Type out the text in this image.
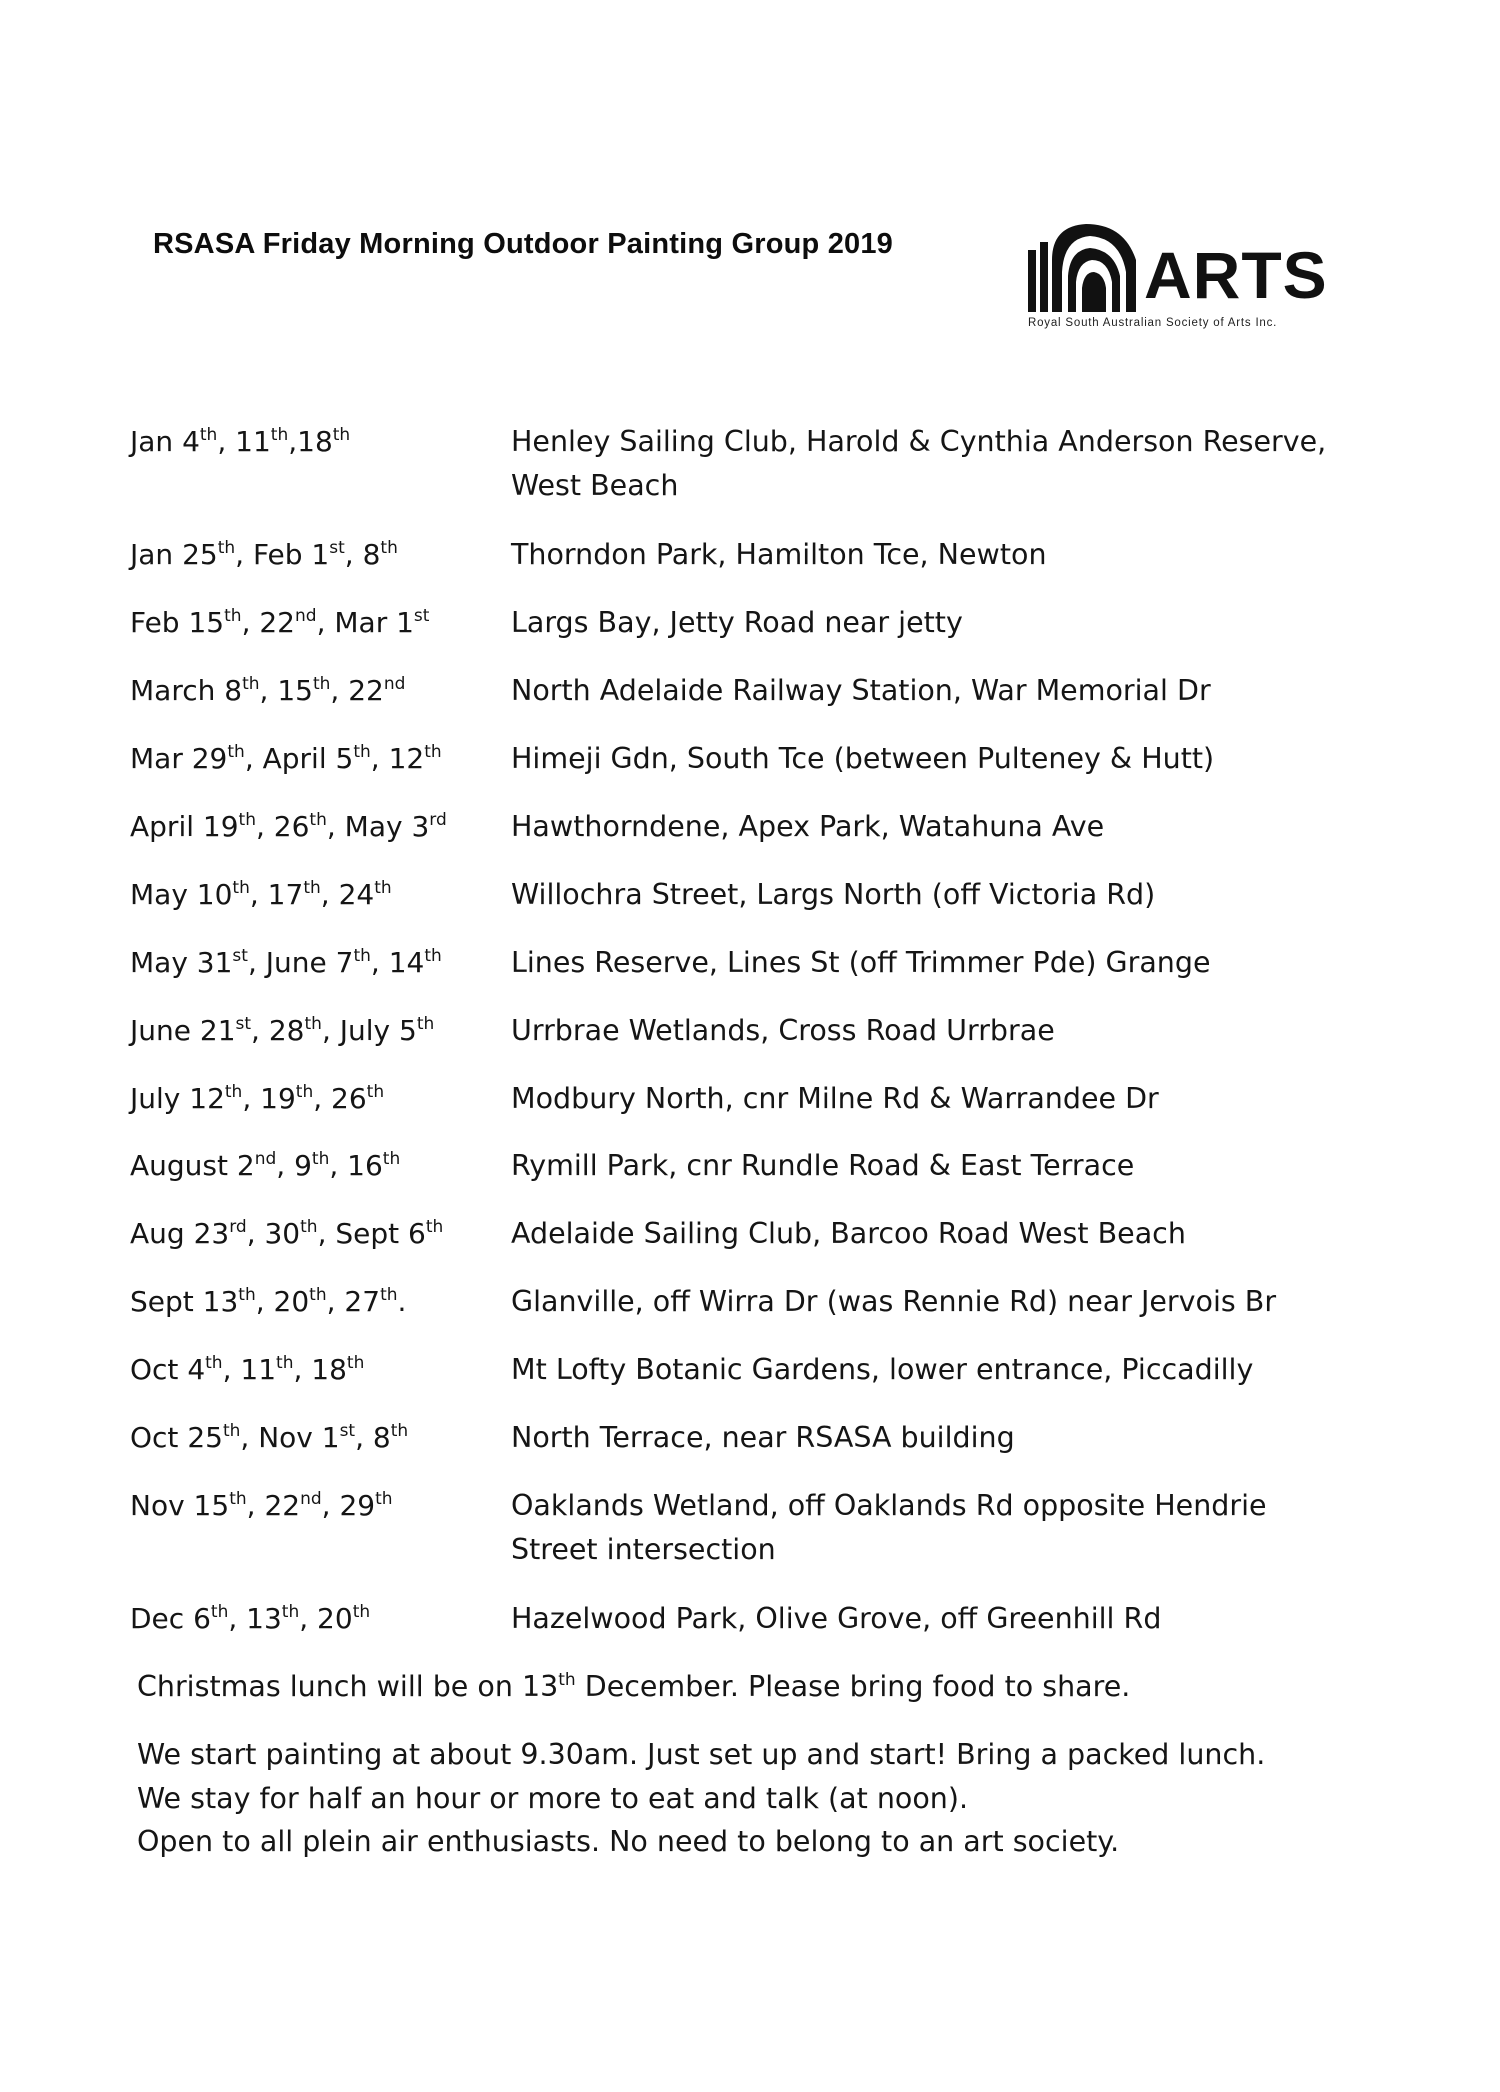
RSASA Friday Morning Outdoor Painting Group 2019	ARTS
Royal South Australian Society of Arts Inc.
Jan 4th, 11th,18th	Henley Sailing Club, Harold & Cynthia Anderson Reserve, West Beach
Jan 25th, Feb 1st, 8th	Thorndon Park, Hamilton Tce, Newton
Feb 15th, 22nd, Mar 1st	Largs Bay, Jetty Road near jetty
March 8th, 15th, 22nd	North Adelaide Railway Station, War Memorial Dr
Mar 29th, April 5th, 12th Himeji Gdn, South Tce (between Pulteney & Hutt)
April 19th, 26th, May 3rd Hawthorndene, Apex Park, Watahuna Ave
May 10th, 17th, 24th	Willochra Street, Largs North (off Victoria Rd)
May 31st, June 7th, 14th Lines Reserve, Lines St (off Trimmer Pde) Grange
June 21st, 28th, July 5th	Urrbrae Wetlands, Cross Road Urrbrae
July 12th, 19th, 26th	Modbury North, cnr Milne Rd & Warrandee Dr
August 2nd, 9th, 16th	Rymill Park, cnr Rundle Road & East Terrace
Aug 23rd, 30th, Sept 6th Adelaide Sailing Club, Barcoo Road West Beach
Sept 13th, 20th, 27th.	Glanville, off Wirra Dr (was Rennie Rd) near Jervois Br
Oct 4th, 11th, 18th	Mt Lofty Botanic Gardens, lower entrance, Piccadilly
Oct 25th, Nov 1st, 8th	North Terrace, near RSASA building
Nov 15th, 22nd, 29th	Oaklands Wetland, off Oaklands Rd opposite Hendrie Street intersection
Dec 6th, 13th, 20th	Hazelwood Park, Olive Grove, off Greenhill Rd
Christmas lunch will be on 13th December. Please bring food to share.
We start painting at about 9.30am. Just set up and start! Bring a packed lunch.
We stay for half an hour or more to eat and talk (at noon).
Open to all plein air enthusiasts. No need to belong to an art society.
